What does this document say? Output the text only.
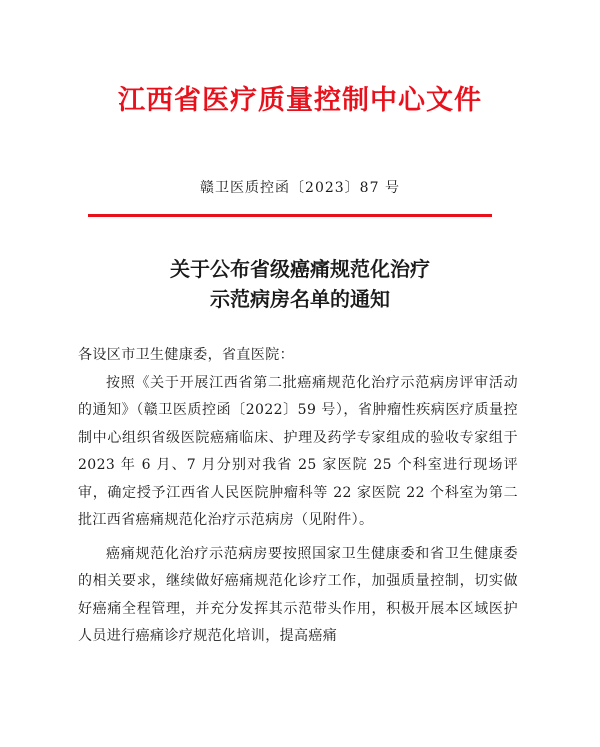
江西省医疗质量控制中心文件
赣卫医质控函〔2023〕87 号
关于公布省级癌痛规范化治疗
示范病房名单的通知

各设区市卫生健康委，省直医院：

按照《关于开展江西省第二批癌痛规范化治疗示范病房评审活动的通知》（赣卫医质控函〔2022〕59 号），省肿瘤性疾病医疗质量控制中心组织省级医院癌痛临床、护理及药学专家组成的验收专家组于 2023 年 6 月、7 月分别对我省 25 家医院 25 个科室进行现场评审，确定授予江西省人民医院肿瘤科等 22 家医院 22 个科室为第二批江西省癌痛规范化治疗示范病房（见附件）。

癌痛规范化治疗示范病房要按照国家卫生健康委和省卫生健康委的相关要求，继续做好癌痛规范化诊疗工作，加强质量控制，切实做好癌痛全程管理，并充分发挥其示范带头作用，积极开展本区域医护人员进行癌痛诊疗规范化培训，提高癌痛
